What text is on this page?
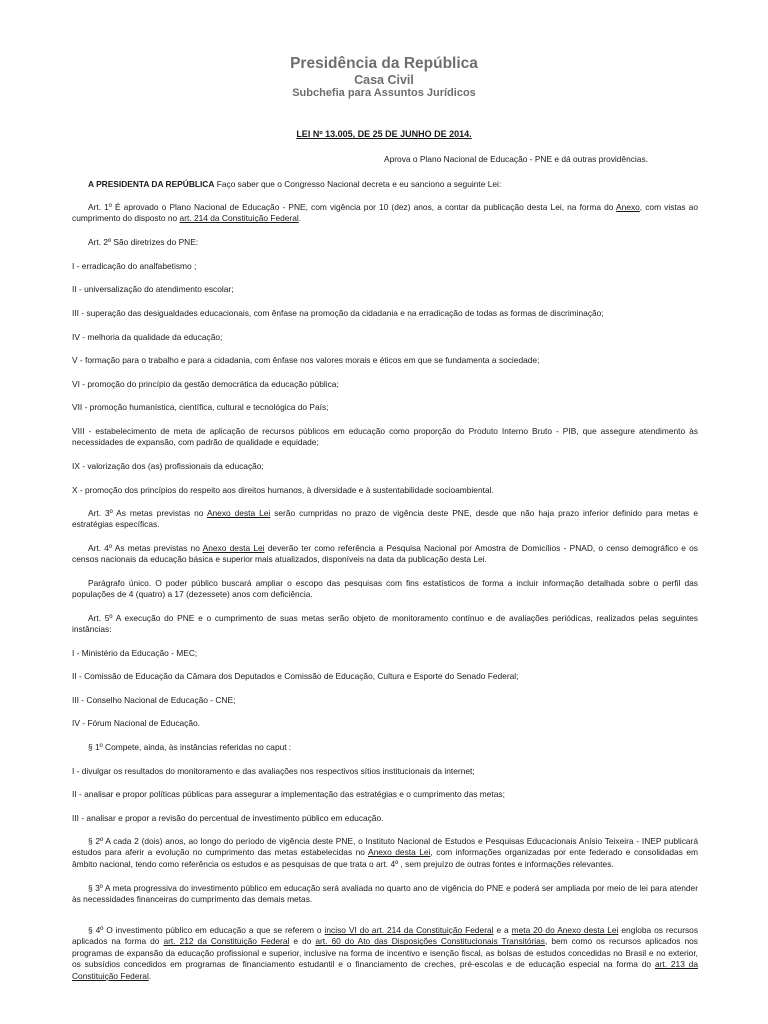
Presidência da República
Casa Civil
Subchefia para Assuntos Jurídicos
LEI Nº 13.005, DE 25 DE JUNHO DE 2014.
Aprova o Plano Nacional de Educação - PNE e dá outras providências.
A PRESIDENTA DA REPÚBLICA Faço saber que o Congresso Nacional decreta e eu sanciono a seguinte Lei:
Art. 1º É aprovado o Plano Nacional de Educação - PNE, com vigência por 10 (dez) anos, a contar da publicação desta Lei, na forma do Anexo, com vistas ao cumprimento do disposto no art. 214 da Constituição Federal.
Art. 2º São diretrizes do PNE:
I - erradicação do analfabetismo ;
II - universalização do atendimento escolar;
III - superação das desigualdades educacionais, com ênfase na promoção da cidadania e na erradicação de todas as formas de discriminação;
IV - melhoria da qualidade da educação;
V - formação para o trabalho e para a cidadania, com ênfase nos valores morais e éticos em que se fundamenta a sociedade;
VI - promoção do princípio da gestão democrática da educação pública;
VII - promoção humanística, científica, cultural e tecnológica do País;
VIII - estabelecimento de meta de aplicação de recursos públicos em educação como proporção do Produto Interno Bruto - PIB, que assegure atendimento às necessidades de expansão, com padrão de qualidade e equidade;
IX - valorização dos (as) profissionais da educação;
X - promoção dos princípios do respeito aos direitos humanos, à diversidade e à sustentabilidade socioambiental.
Art. 3º As metas previstas no Anexo desta Lei serão cumpridas no prazo de vigência deste PNE, desde que não haja prazo inferior definido para metas e estratégias específicas.
Art. 4º As metas previstas no Anexo desta Lei deverão ter como referência a Pesquisa Nacional por Amostra de Domicílios - PNAD, o censo demográfico e os censos nacionais da educação básica e superior mais atualizados, disponíveis na data da publicação desta Lei.
Parágrafo único. O poder público buscará ampliar o escopo das pesquisas com fins estatísticos de forma a incluir informação detalhada sobre o perfil das populações de 4 (quatro) a 17 (dezessete) anos com deficiência.
Art. 5º A execução do PNE e o cumprimento de suas metas serão objeto de monitoramento contínuo e de avaliações periódicas, realizados pelas seguintes instâncias:
I - Ministério da Educação - MEC;
II - Comissão de Educação da Câmara dos Deputados e Comissão de Educação, Cultura e Esporte do Senado Federal;
III - Conselho Nacional de Educação - CNE;
IV - Fórum Nacional de Educação.
§ 1º Compete, ainda, às instâncias referidas no caput :
I - divulgar os resultados do monitoramento e das avaliações nos respectivos sítios institucionais da internet;
II - analisar e propor políticas públicas para assegurar a implementação das estratégias e o cumprimento das metas;
III - analisar e propor a revisão do percentual de investimento público em educação.
§ 2º A cada 2 (dois) anos, ao longo do período de vigência deste PNE, o Instituto Nacional de Estudos e Pesquisas Educacionais Anísio Teixeira - INEP publicará estudos para aferir a evolução no cumprimento das metas estabelecidas no Anexo desta Lei, com informações organizadas por ente federado e consolidadas em âmbito nacional, tendo como referência os estudos e as pesquisas de que trata o art. 4º , sem prejuízo de outras fontes e informações relevantes.
§ 3º A meta progressiva do investimento público em educação será avaliada no quarto ano de vigência do PNE e poderá ser ampliada por meio de lei para atender às necessidades financeiras do cumprimento das demais metas.
§ 4º O investimento público em educação a que se referem o inciso VI do art. 214 da Constituição Federal e a meta 20 do Anexo desta Lei engloba os recursos aplicados na forma do art. 212 da Constituição Federal e do art. 60 do Ato das Disposições Constitucionais Transitórias, bem como os recursos aplicados nos programas de expansão da educação profissional e superior, inclusive na forma de incentivo e isenção fiscal, as bolsas de estudos concedidas no Brasil e no exterior, os subsídios concedidos em programas de financiamento estudantil e o financiamento de creches, pré-escolas e de educação especial na forma do art. 213 da Constituição Federal.
